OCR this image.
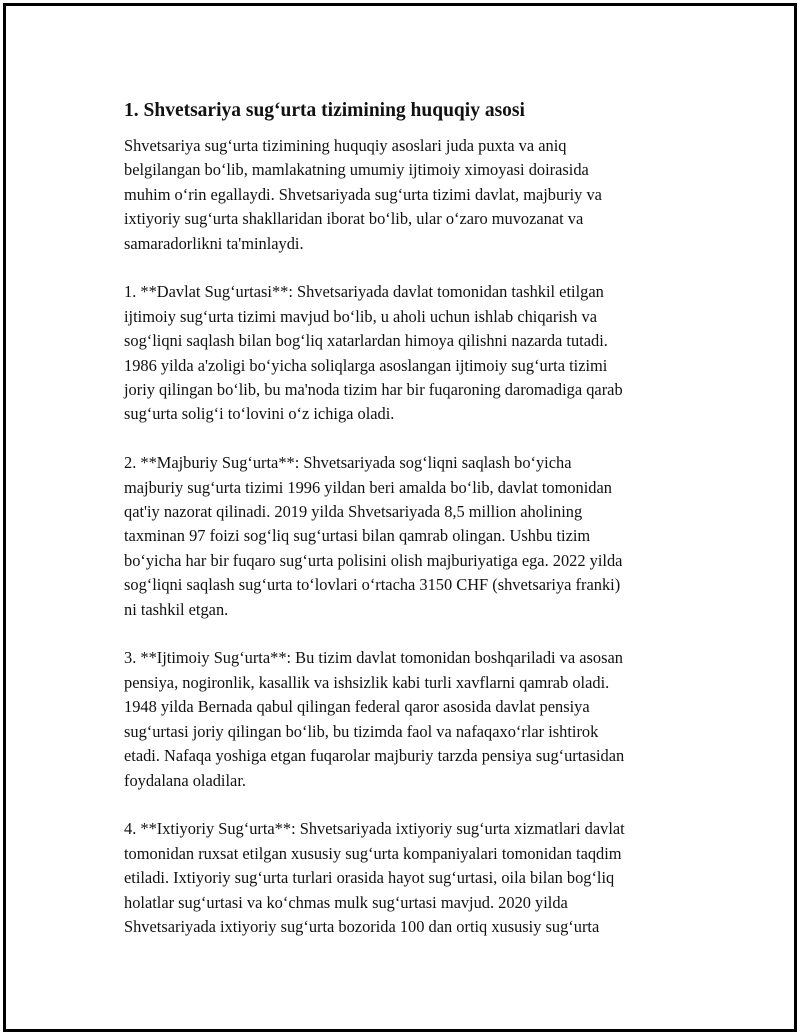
1. Shvetsariya sug‘urta tizimining huquqiy asosi
Shvetsariya sug‘urta tizimining huquqiy asoslari juda puxta va aniq
belgilangan bo‘lib, mamlakatning umumiy ijtimoiy ximoyasi doirasida
muhim o‘rin egallaydi. Shvetsariyada sug‘urta tizimi davlat, majburiy va
ixtiyoriy sug‘urta shakllaridan iborat bo‘lib, ular o‘zaro muvozanat va
samaradorlikni ta'minlaydi.
1. **Davlat Sug‘urtasi**: Shvetsariyada davlat tomonidan tashkil etilgan
ijtimoiy sug‘urta tizimi mavjud bo‘lib, u aholi uchun ishlab chiqarish va
sog‘liqni saqlash bilan bog‘liq xatarlardan himoya qilishni nazarda tutadi.
1986 yilda a'zoligi bo‘yicha soliqlarga asoslangan ijtimoiy sug‘urta tizimi
joriy qilingan bo‘lib, bu ma'noda tizim har bir fuqaroning daromadiga qarab
sug‘urta solig‘i to‘lovini o‘z ichiga oladi.
2. **Majburiy Sug‘urta**: Shvetsariyada sog‘liqni saqlash bo‘yicha
majburiy sug‘urta tizimi 1996 yildan beri amalda bo‘lib, davlat tomonidan
qat'iy nazorat qilinadi. 2019 yilda Shvetsariyada 8,5 million aholining
taxminan 97 foizi sog‘liq sug‘urtasi bilan qamrab olingan. Ushbu tizim
bo‘yicha har bir fuqaro sug‘urta polisini olish majburiyatiga ega. 2022 yilda
sog‘liqni saqlash sug‘urta to‘lovlari o‘rtacha 3150 CHF (shvetsariya franki)
ni tashkil etgan.
3. **Ijtimoiy Sug‘urta**: Bu tizim davlat tomonidan boshqariladi va asosan
pensiya, nogironlik, kasallik va ishsizlik kabi turli xavflarni qamrab oladi.
1948 yilda Bernada qabul qilingan federal qaror asosida davlat pensiya
sug‘urtasi joriy qilingan bo‘lib, bu tizimda faol va nafaqaxo‘rlar ishtirok
etadi. Nafaqa yoshiga etgan fuqarolar majburiy tarzda pensiya sug‘urtasidan
foydalana oladilar.
4. **Ixtiyoriy Sug‘urta**: Shvetsariyada ixtiyoriy sug‘urta xizmatlari davlat
tomonidan ruxsat etilgan xususiy sug‘urta kompaniyalari tomonidan taqdim
etiladi. Ixtiyoriy sug‘urta turlari orasida hayot sug‘urtasi, oila bilan bog‘liq
holatlar sug‘urtasi va ko‘chmas mulk sug‘urtasi mavjud. 2020 yilda
Shvetsariyada ixtiyoriy sug‘urta bozorida 100 dan ortiq xususiy sug‘urta
